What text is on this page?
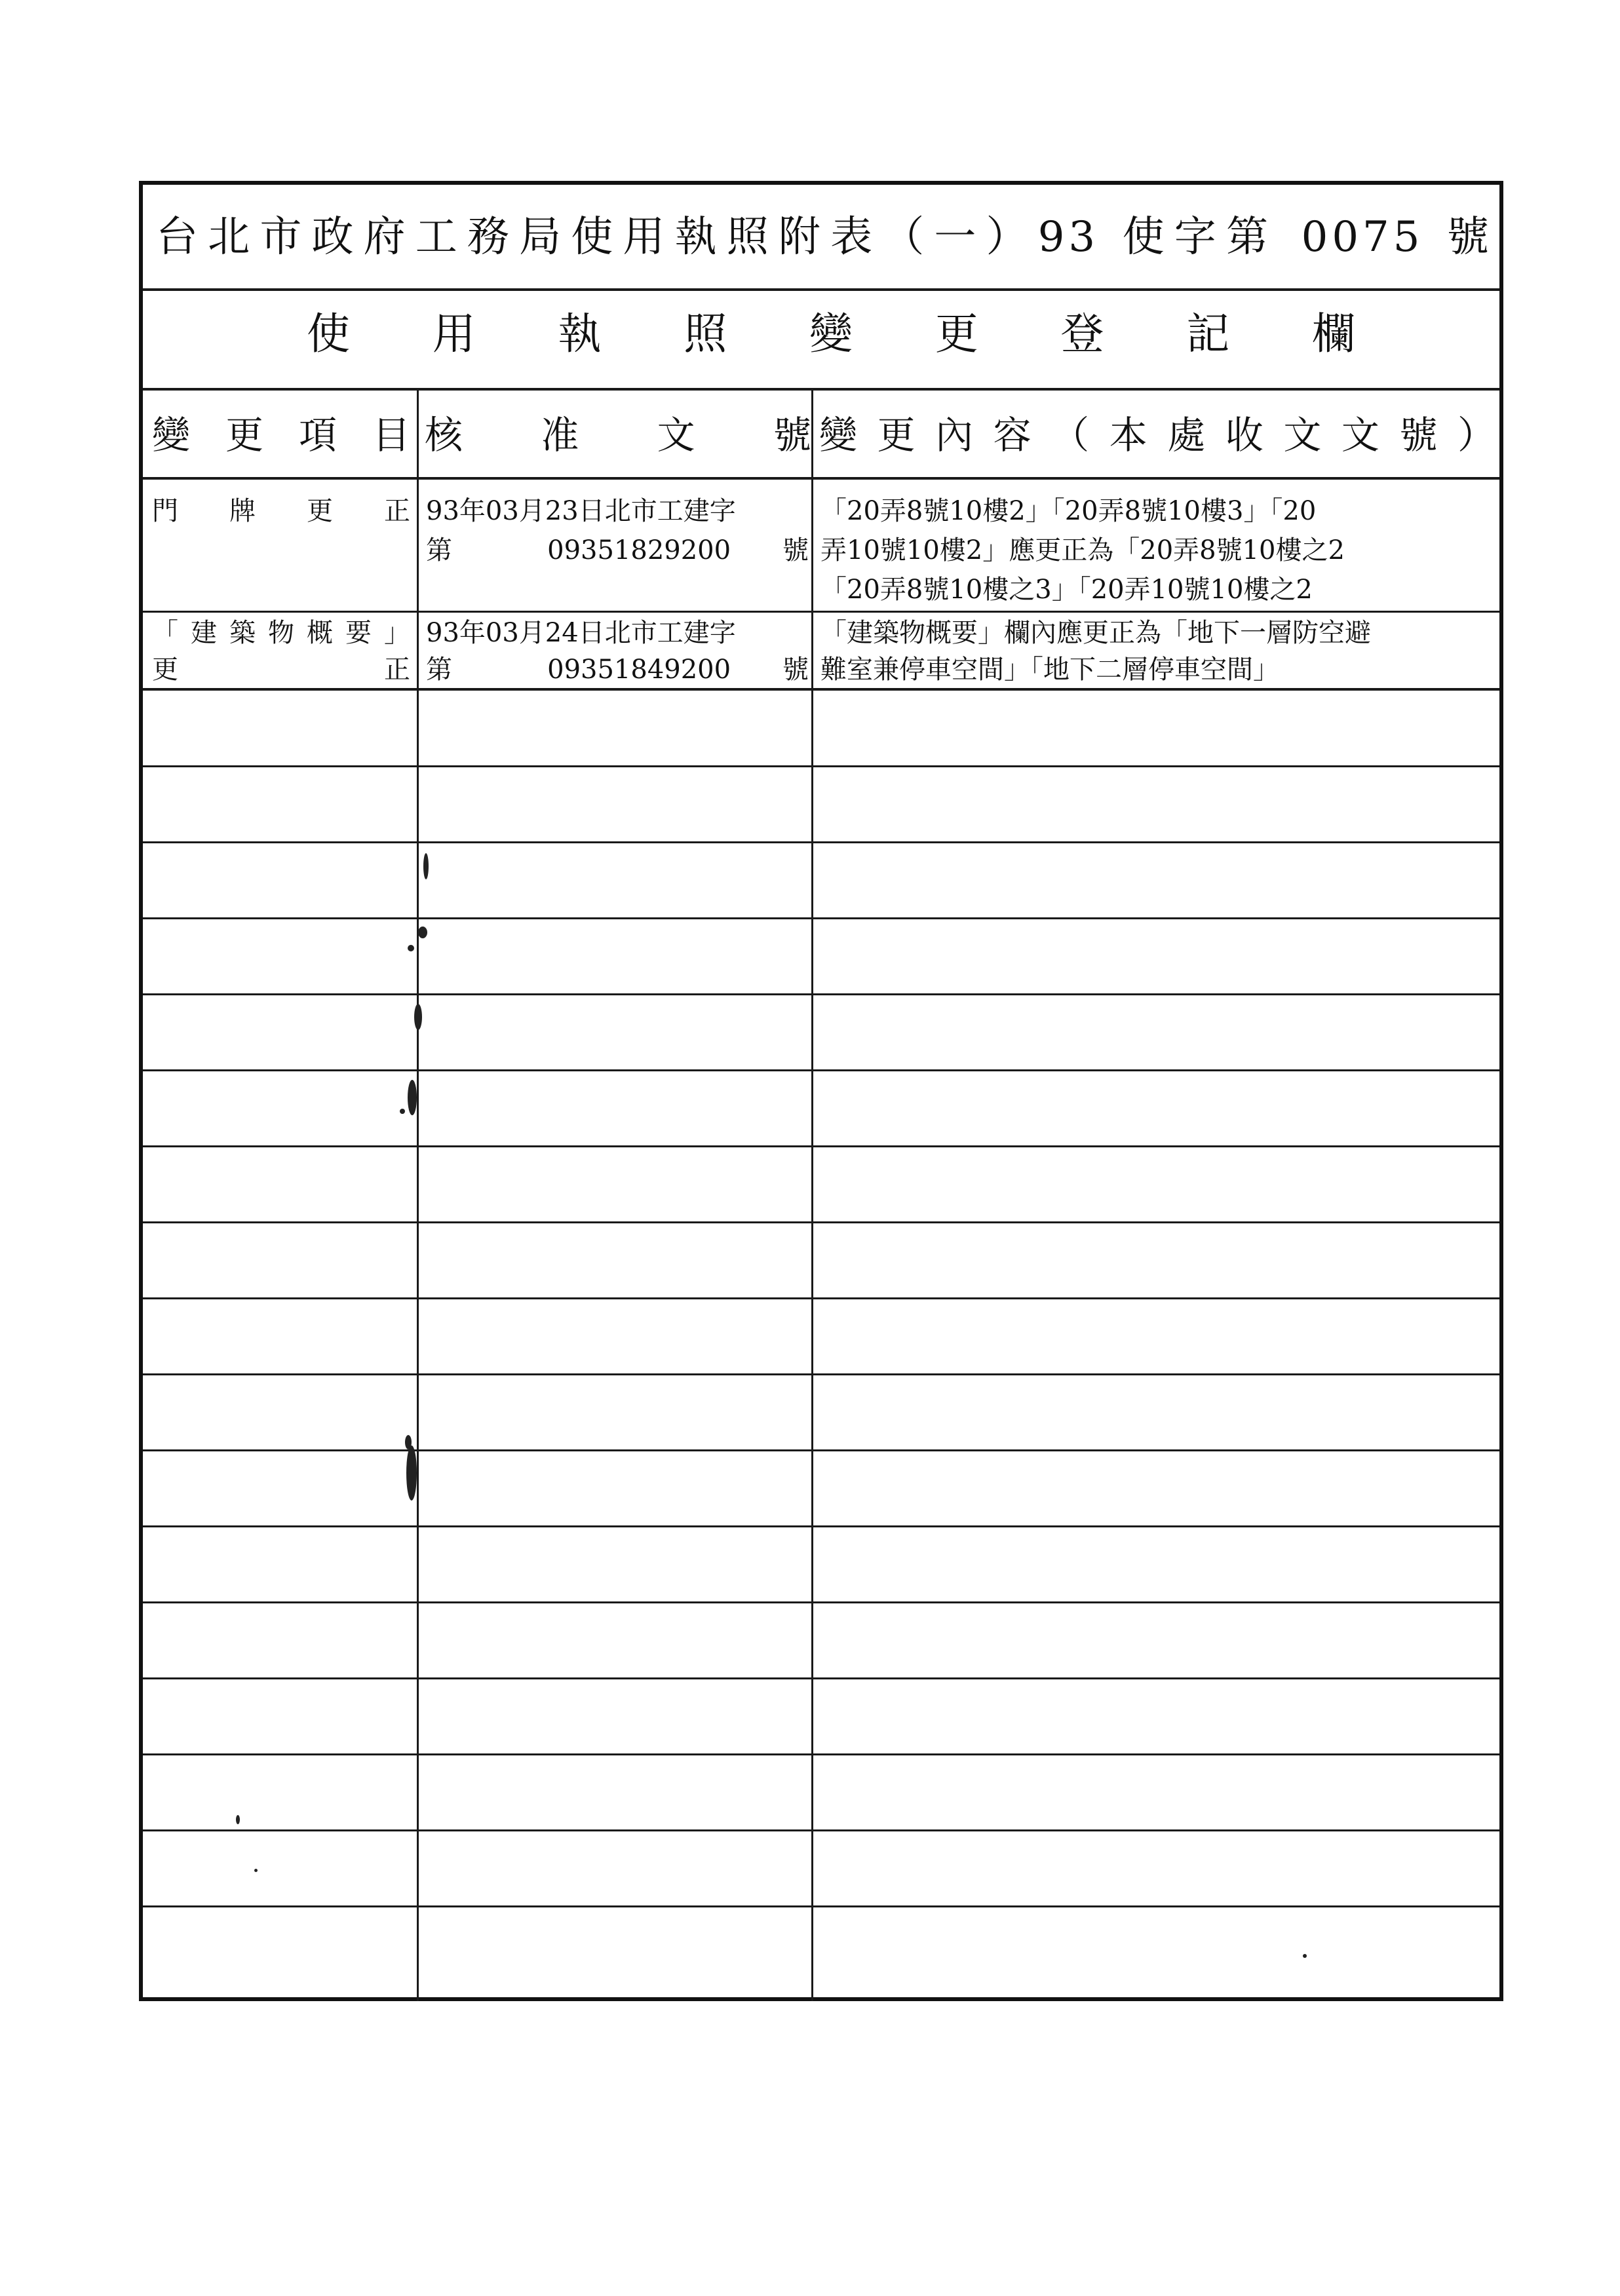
台北市政府工務局使用執照附表（一）93 使字第 0075 號
使用執照變更登記欄
變更項目 核准文號 變更內容（本處收文文號）
門 牌 更 正 93年03月23日北市工建字
第 09351829200 號
「20弄8號10樓2」「20弄8號10樓3」「20
弄10號10樓2」應更正為「20弄8號10樓之2
「20弄8號10樓之3」「20弄10號10樓之2
「建築物概要」
更 正
93年03月24日北市工建字
第 09351849200 號
「建築物概要」欄內應更正為「地下一層防空避
難室兼停車空間」「地下二層停車空間」
